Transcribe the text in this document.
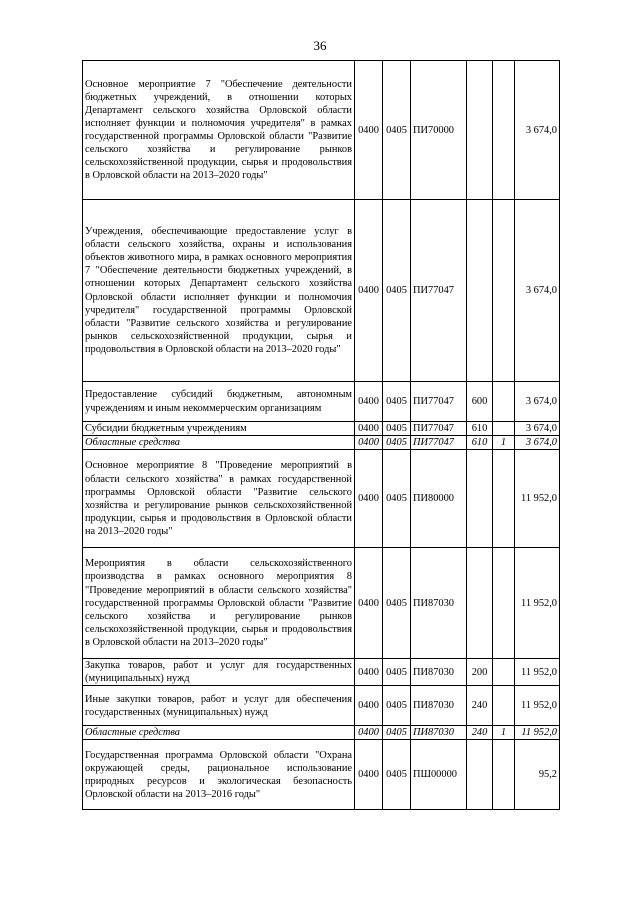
36
Основное мероприятие 7 "Обеспечение деятельности бюджетных учреждений, в отношении которых Департамент сельского хозяйства Орловской области исполняет функции и полномочия учредителя" в рамках государственной программы Орловской области "Развитие сельского хозяйства и регулирование рынков сельскохозяйственной продукции, сырья и продовольствия в Орловской области на 2013–2020 годы"	0400	0405	ПИ70000			3 674,0
Учреждения, обеспечивающие предоставление услуг в области сельского хозяйства, охраны и использования объектов животного мира, в рамках основного мероприятия 7 "Обеспечение деятельности бюджетных учреждений, в отношении которых Департамент сельского хозяйства Орловской области исполняет функции и полномочия учредителя" государственной программы Орловской области "Развитие сельского хозяйства и регулирование рынков сельскохозяйственной продукции, сырья и продовольствия в Орловской области на 2013–2020 годы"	0400	0405	ПИ77047			3 674,0
Предоставление субсидий бюджетным, автономным учреждениям и иным некоммерческим организациям	0400	0405	ПИ77047	600		3 674,0
Субсидии бюджетным учреждениям	0400	0405	ПИ77047	610		3 674,0
Областные средства	0400	0405	ПИ77047	610	1	3 674,0
Основное мероприятие 8 "Проведение мероприятий в области сельского хозяйства" в рамках государственной программы Орловской области "Развитие сельского хозяйства и регулирование рынков сельскохозяйственной продукции, сырья и продовольствия в Орловской области на 2013–2020 годы"	0400	0405	ПИ80000			11 952,0
Мероприятия в области сельскохозяйственного производства в рамках основного мероприятия 8 "Проведение мероприятий в области сельского хозяйства" государственной программы Орловской области "Развитие сельского хозяйства и регулирование рынков сельскохозяйственной продукции, сырья и продовольствия в Орловской области на 2013–2020 годы"	0400	0405	ПИ87030			11 952,0
Закупка товаров, работ и услуг для государственных (муниципальных) нужд	0400	0405	ПИ87030	200		11 952,0
Иные закупки товаров, работ и услуг для обеспечения государственных (муниципальных) нужд	0400	0405	ПИ87030	240		11 952,0
Областные средства	0400	0405	ПИ87030	240	1	11 952,0
Государственная программа Орловской области "Охрана окружающей среды, рациональное использование природных ресурсов и экологическая безопасность Орловской области на 2013–2016 годы"	0400	0405	ПШ00000			95,2
